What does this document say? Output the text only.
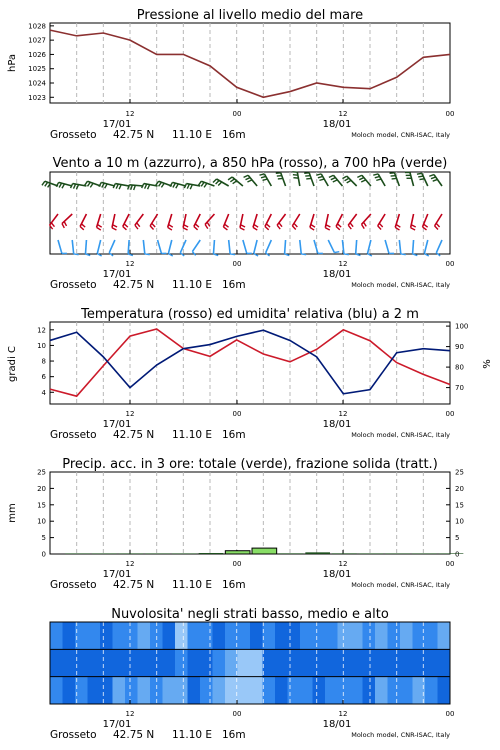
Pressione al livello medio del mare
hPa
1023
1024
1025
1026
1027
1028
12	00	12	00
17/01	18/01
Grosseto 42.75 N 11.10 E 16m	Moloch model, CNR-ISAC, Italy
Vento a 10 m (azzurro), a 850 hPa (rosso), a 700 hPa (verde)
12	00	12	00
17/01	18/01
Grosseto 42.75 N 11.10 E 16m	Moloch model, CNR-ISAC, Italy
Temperatura (rosso) ed umidita' relativa (blu) a 2 m
gradi C	%
4
6
8
10
12
70
80
90
100
12	00	12	00
17/01	18/01
Grosseto 42.75 N 11.10 E 16m	Moloch model, CNR-ISAC, Italy
Precip. acc. in 3 ore: totale (verde), frazione solida (tratt.)
mm
0
5
10
15
20
25
0
5
10
15
20
25
12	00	12	00
17/01	18/01
Grosseto 42.75 N 11.10 E 16m	Moloch model, CNR-ISAC, Italy
Nuvolosita' negli strati basso, medio e alto
12	00	12	00
17/01	18/01
Grosseto 42.75 N 11.10 E 16m	Moloch model, CNR-ISAC, Italy
